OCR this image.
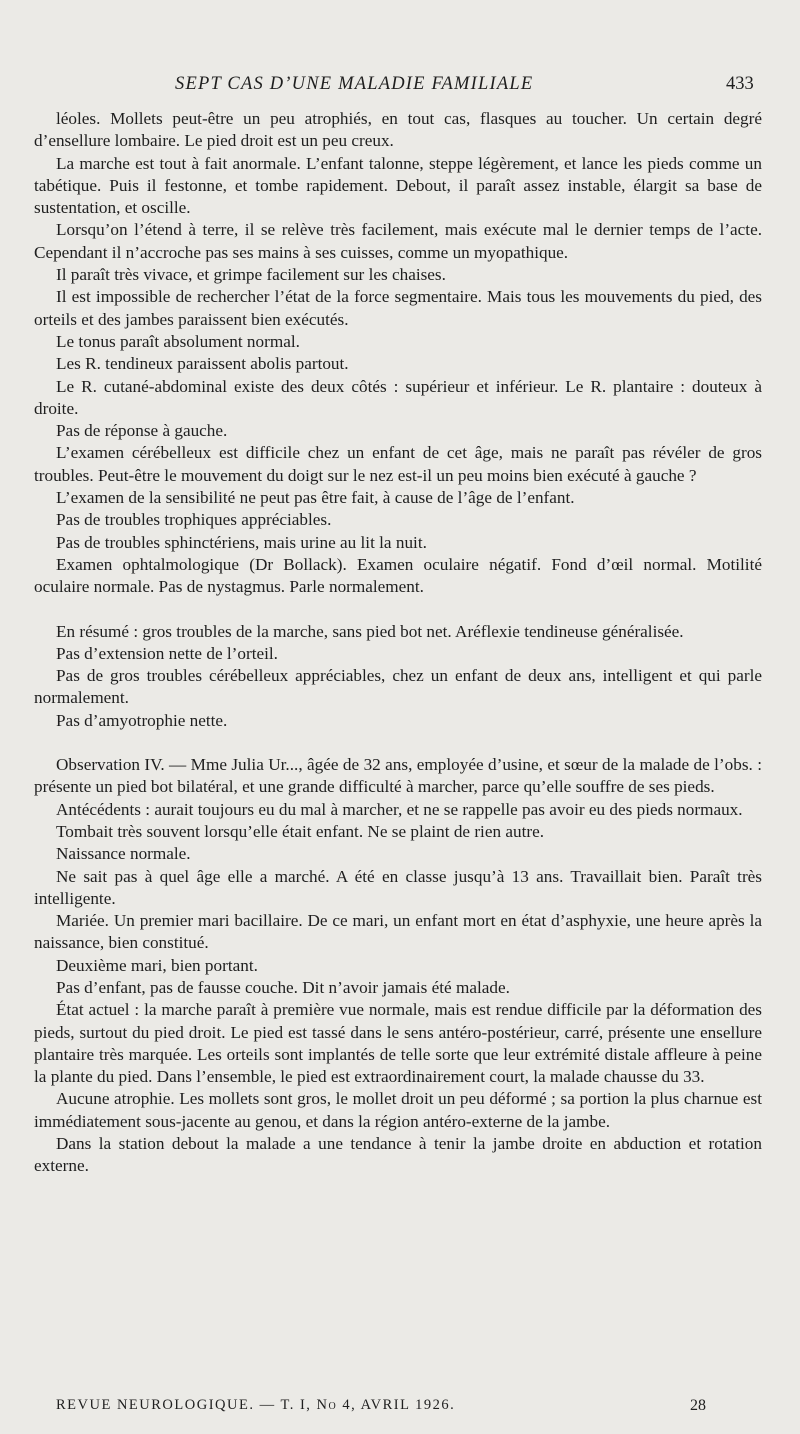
SEPT CAS D’UNE MALADIE FAMILIALE	433

léoles. Mollets peut-être un peu atrophiés, en tout cas, flasques au toucher. Un certain degré d’ensellure lombaire. Le pied droit est un peu creux.

La marche est tout à fait anormale. L’enfant talonne, steppe légèrement, et lance les pieds comme un tabétique. Puis il festonne, et tombe rapidement. Debout, il paraît assez instable, élargit sa base de sustentation, et oscille.

Lorsqu’on l’étend à terre, il se relève très facilement, mais exécute mal le dernier temps de l’acte. Cependant il n’accroche pas ses mains à ses cuisses, comme un myopathique.

Il paraît très vivace, et grimpe facilement sur les chaises.

Il est impossible de rechercher l’état de la force segmentaire. Mais tous les mouvements du pied, des orteils et des jambes paraissent bien exécutés.

Le tonus paraît absolument normal.

Les R. tendineux paraissent abolis partout.

Le R. cutané-abdominal existe des deux côtés : supérieur et inférieur. Le R. plantaire : douteux à droite.

Pas de réponse à gauche.

L’examen cérébelleux est difficile chez un enfant de cet âge, mais ne paraît pas révéler de gros troubles. Peut-être le mouvement du doigt sur le nez est-il un peu moins bien exécuté à gauche ?

L’examen de la sensibilité ne peut pas être fait, à cause de l’âge de l’enfant.

Pas de troubles trophiques appréciables.

Pas de troubles sphinctériens, mais urine au lit la nuit.

Examen ophtalmologique (Dr Bollack). Examen oculaire négatif. Fond d’œil normal. Motilité oculaire normale. Pas de nystagmus. Parle normalement.

En résumé : gros troubles de la marche, sans pied bot net. Aréflexie tendineuse généralisée.

Pas d’extension nette de l’orteil.

Pas de gros troubles cérébelleux appréciables, chez un enfant de deux ans, intelligent et qui parle normalement.

Pas d’amyotrophie nette.

Observation IV. — Mme Julia Ur..., âgée de 32 ans, employée d’usine, et sœur de la malade de l’obs. : présente un pied bot bilatéral, et une grande difficulté à marcher, parce qu’elle souffre de ses pieds.

Antécédents : aurait toujours eu du mal à marcher, et ne se rappelle pas avoir eu des pieds normaux.

Tombait très souvent lorsqu’elle était enfant. Ne se plaint de rien autre.

Naissance normale.

Ne sait pas à quel âge elle a marché. A été en classe jusqu’à 13 ans. Travaillait bien. Paraît très intelligente.

Mariée. Un premier mari bacillaire. De ce mari, un enfant mort en état d’asphyxie, une heure après la naissance, bien constitué.

Deuxième mari, bien portant.

Pas d’enfant, pas de fausse couche. Dit n’avoir jamais été malade.

État actuel : la marche paraît à première vue normale, mais est rendue difficile par la déformation des pieds, surtout du pied droit. Le pied est tassé dans le sens antéro-postérieur, carré, présente une ensellure plantaire très marquée. Les orteils sont implantés de telle sorte que leur extrémité distale affleure à peine la plante du pied. Dans l’ensemble, le pied est extraordinairement court, la malade chausse du 33.

Aucune atrophie. Les mollets sont gros, le mollet droit un peu déformé ; sa portion la plus charnue est immédiatement sous-jacente au genou, et dans la région antéro-externe de la jambe.

Dans la station debout la malade a une tendance à tenir la jambe droite en abduction et rotation externe.

REVUE NEUROLOGIQUE. — T. I, No 4, AVRIL 1926.	28
